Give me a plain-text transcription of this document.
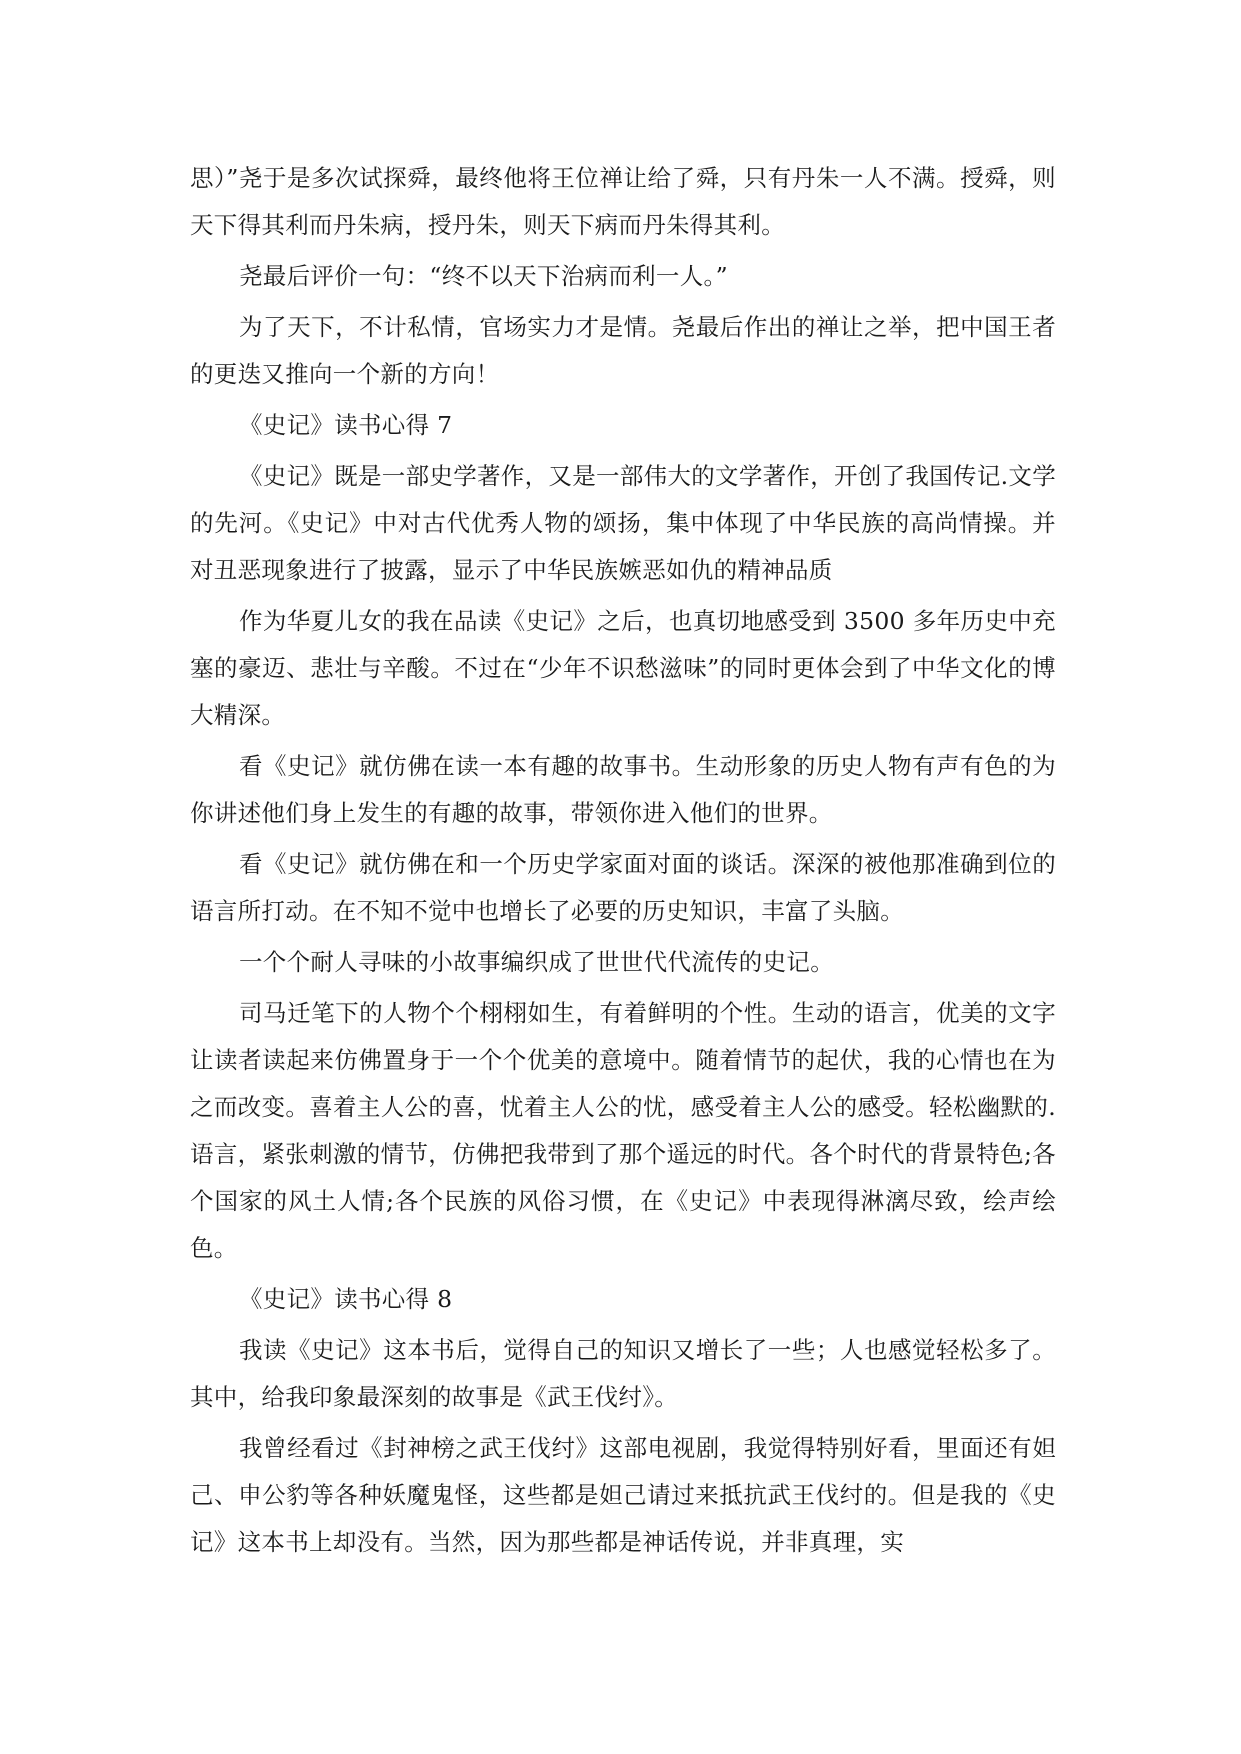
思）”尧于是多次试探舜，最终他将王位禅让给了舜，只有丹朱一人不满。授舜，则天下得其利而丹朱病，授丹朱，则天下病而丹朱得其利。

尧最后评价一句：“终不以天下治病而利一人。”

为了天下，不计私情，官场实力才是情。尧最后作出的禅让之举，把中国王者的更迭又推向一个新的方向！

《史记》读书心得 7

《史记》既是一部史学著作，又是一部伟大的文学著作，开创了我国传记.文学的先河。《史记》中对古代优秀人物的颂扬，集中体现了中华民族的高尚情操。并对丑恶现象进行了披露，显示了中华民族嫉恶如仇的精神品质

作为华夏儿女的我在品读《史记》之后，也真切地感受到 3500 多年历史中充塞的豪迈、悲壮与辛酸。不过在“少年不识愁滋味”的同时更体会到了中华文化的博大精深。

看《史记》就仿佛在读一本有趣的故事书。生动形象的历史人物有声有色的为你讲述他们身上发生的有趣的故事，带领你进入他们的世界。

看《史记》就仿佛在和一个历史学家面对面的谈话。深深的被他那准确到位的语言所打动。在不知不觉中也增长了必要的历史知识，丰富了头脑。

一个个耐人寻味的小故事编织成了世世代代流传的史记。

司马迁笔下的人物个个栩栩如生，有着鲜明的个性。生动的语言，优美的文字让读者读起来仿佛置身于一个个优美的意境中。随着情节的起伏，我的心情也在为之而改变。喜着主人公的喜，忧着主人公的忧，感受着主人公的感受。轻松幽默的.语言，紧张刺激的情节，仿佛把我带到了那个遥远的时代。各个时代的背景特色;各个国家的风土人情;各个民族的风俗习惯，在《史记》中表现得淋漓尽致，绘声绘色。

《史记》读书心得 8

我读《史记》这本书后，觉得自己的知识又增长了一些；人也感觉轻松多了。其中，给我印象最深刻的故事是《武王伐纣》。

我曾经看过《封神榜之武王伐纣》这部电视剧，我觉得特别好看，里面还有妲己、申公豹等各种妖魔鬼怪，这些都是妲己请过来抵抗武王伐纣的。但是我的《史记》这本书上却没有。当然，因为那些都是神话传说，并非真理，实
